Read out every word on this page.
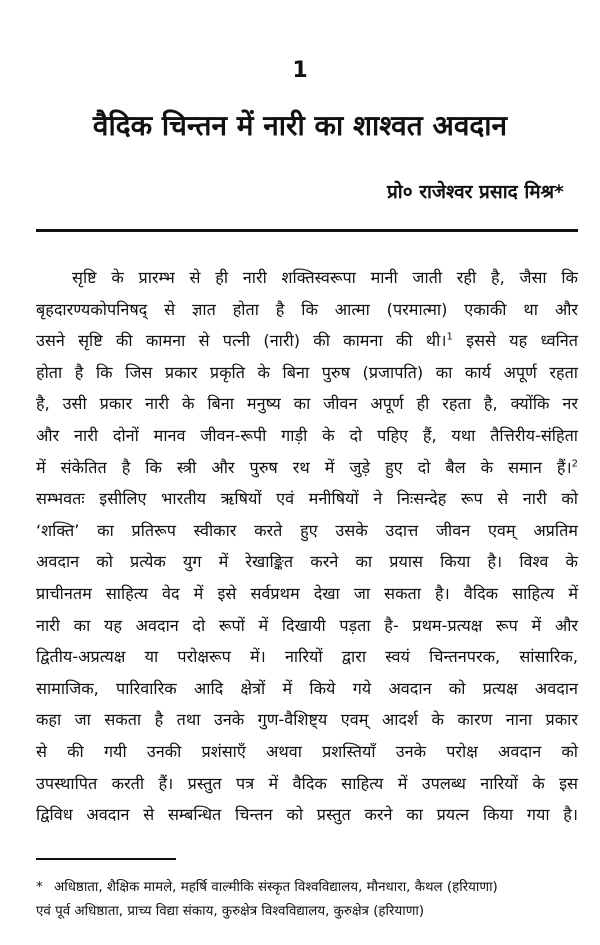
1
वैदिक चिन्तन में नारी का शाश्वत अवदान
प्रो० राजेश्वर प्रसाद मिश्र*
सृष्टि के प्रारम्भ से ही नारी शक्तिस्वरूपा मानी जाती रही है, जैसा कि
बृहदारण्यकोपनिषद् से ज्ञात होता है कि आत्मा (परमात्मा) एकाकी था और
उसने सृष्टि की कामना से पत्नी (नारी) की कामना की थी।$^1$ इससे यह ध्वनित
होता है कि जिस प्रकार प्रकृति के बिना पुरुष (प्रजापति) का कार्य अपूर्ण रहता
है, उसी प्रकार नारी के बिना मनुष्य का जीवन अपूर्ण ही रहता है, क्योंकि नर
और नारी दोनों मानव जीवन-रूपी गाड़ी के दो पहिए हैं, यथा तैत्तिरीय-संहिता
में संकेतित है कि स्त्री और पुरुष रथ में जुड़े हुए दो बैल के समान हैं।$^2$
सम्भवतः इसीलिए भारतीय ऋषियों एवं मनीषियों ने निःसन्देह रूप से नारी को
‘शक्ति’ का प्रतिरूप स्वीकार करते हुए उसके उदात्त जीवन एवम् अप्रतिम
अवदान को प्रत्येक युग में रेखाङ्कित करने का प्रयास किया है। विश्व के
प्राचीनतम साहित्य वेद में इसे सर्वप्रथम देखा जा सकता है। वैदिक साहित्य में
नारी का यह अवदान दो रूपों में दिखायी पड़ता है- प्रथम-प्रत्यक्ष रूप में और
द्वितीय-अप्रत्यक्ष या परोक्षरूप में। नारियों द्वारा स्वयं चिन्तनपरक, सांसारिक,
सामाजिक, पारिवारिक आदि क्षेत्रों में किये गये अवदान को प्रत्यक्ष अवदान
कहा जा सकता है तथा उनके गुण-वैशिष्ट्य एवम् आदर्श के कारण नाना प्रकार
से की गयी उनकी प्रशंसाएँ अथवा प्रशस्तियाँ उनके परोक्ष अवदान को
उपस्थापित करती हैं। प्रस्तुत पत्र में वैदिक साहित्य में उपलब्ध नारियों के इस
द्विविध अवदान से सम्बन्धित चिन्तन को प्रस्तुत करने का प्रयत्न किया गया है।
* अधिष्ठाता, शैक्षिक मामले, महर्षि वाल्मीकि संस्कृत विश्वविद्यालय, मौनधारा, कैथल (हरियाणा)
एवं पूर्व अधिष्ठाता, प्राच्य विद्या संकाय, कुरुक्षेत्र विश्वविद्यालय, कुरुक्षेत्र (हरियाणा)
